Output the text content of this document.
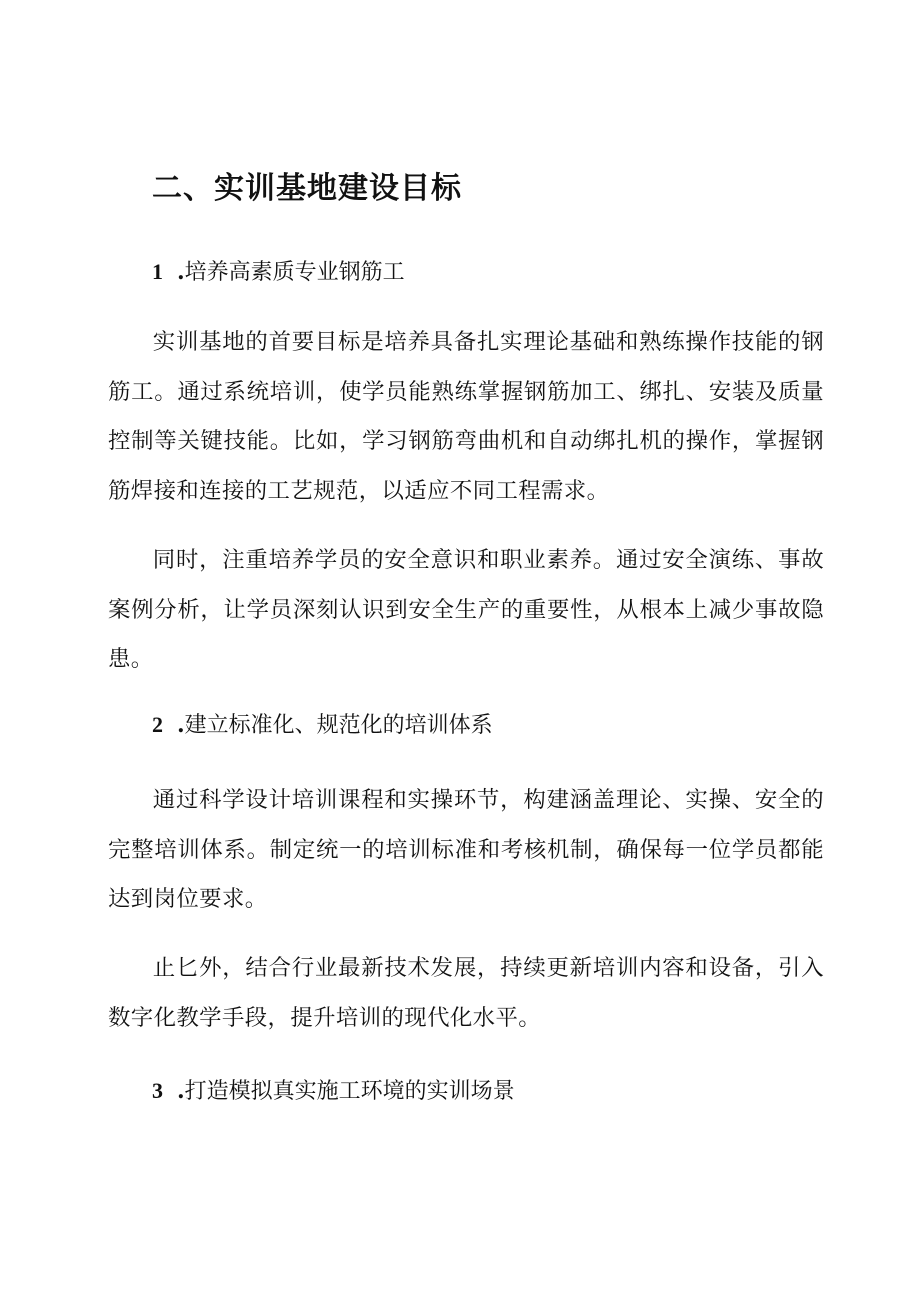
二、实训基地建设目标

1 .培养高素质专业钢筋工

实训基地的首要目标是培养具备扎实理论基础和熟练操作技能的钢筋工。通过系统培训，使学员能熟练掌握钢筋加工、绑扎、安装及质量控制等关键技能。比如，学习钢筋弯曲机和自动绑扎机的操作，掌握钢筋焊接和连接的工艺规范，以适应不同工程需求。

同时，注重培养学员的安全意识和职业素养。通过安全演练、事故案例分析，让学员深刻认识到安全生产的重要性，从根本上减少事故隐患。

2 .建立标准化、规范化的培训体系

通过科学设计培训课程和实操环节，构建涵盖理论、实操、安全的完整培训体系。制定统一的培训标准和考核机制，确保每一位学员都能达到岗位要求。

止匕外，结合行业最新技术发展，持续更新培训内容和设备，引入数字化教学手段，提升培训的现代化水平。

3 .打造模拟真实施工环境的实训场景
